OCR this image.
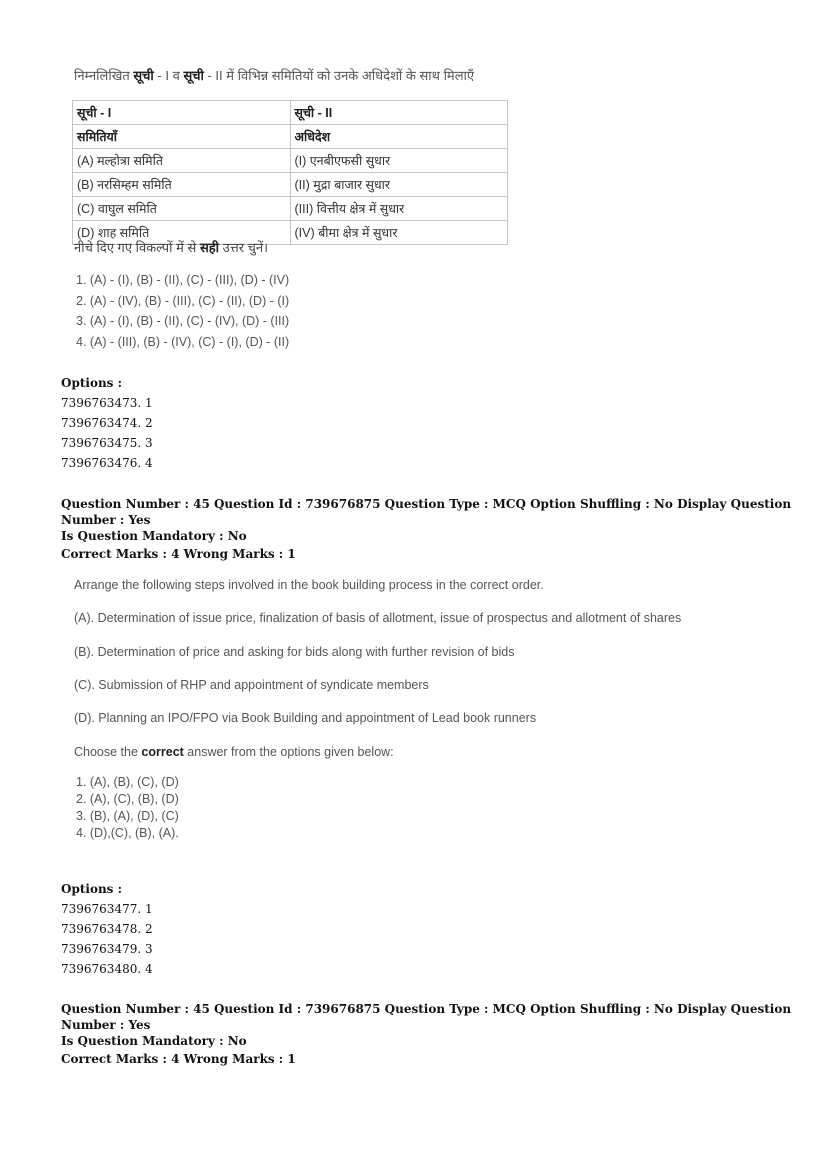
निम्नलिखित सूची - I व सूची - II में विभिन्न समितियों को उनके अधिदेशों के साथ मिलाएँ
सूची - I	सूची - II
समितियाँ	अधिदेश
(A) मल्होत्रा समिति	(I) एनबीएफसी सुधार
(B) नरसिम्हम समिति	(II) मुद्रा बाजार सुधार
(C) वाघुल समिति	(III) वित्तीय क्षेत्र में सुधार
(D) शाह समिति	(IV) बीमा क्षेत्र में सुधार
नीचे दिए गए विकल्पों में से सही उत्तर चुनें।
1. (A) - (I), (B) - (II), (C) - (III), (D) - (IV)
2. (A) - (IV), (B) - (III), (C) - (II), (D) - (I)
3. (A) - (I), (B) - (II), (C) - (IV), (D) - (III)
4. (A) - (III), (B) - (IV), (C) - (I), (D) - (II)
Options :
7396763473. 1
7396763474. 2
7396763475. 3
7396763476. 4
Question Number : 45 Question Id : 739676875 Question Type : MCQ Option Shuffling : No Display Question Number : Yes
Is Question Mandatory : No
Correct Marks : 4 Wrong Marks : 1
Arrange the following steps involved in the book building process in the correct order.
(A). Determination of issue price, finalization of basis of allotment, issue of prospectus and allotment of shares
(B). Determination of price and asking for bids along with further revision of bids
(C). Submission of RHP and appointment of syndicate members
(D). Planning an IPO/FPO via Book Building and appointment of Lead book runners
Choose the correct answer from the options given below:
1. (A), (B), (C), (D)
2. (A), (C), (B), (D)
3. (B), (A), (D), (C)
4. (D),(C), (B), (A).
Options :
7396763477. 1
7396763478. 2
7396763479. 3
7396763480. 4
Question Number : 45 Question Id : 739676875 Question Type : MCQ Option Shuffling : No Display Question Number : Yes
Is Question Mandatory : No
Correct Marks : 4 Wrong Marks : 1
